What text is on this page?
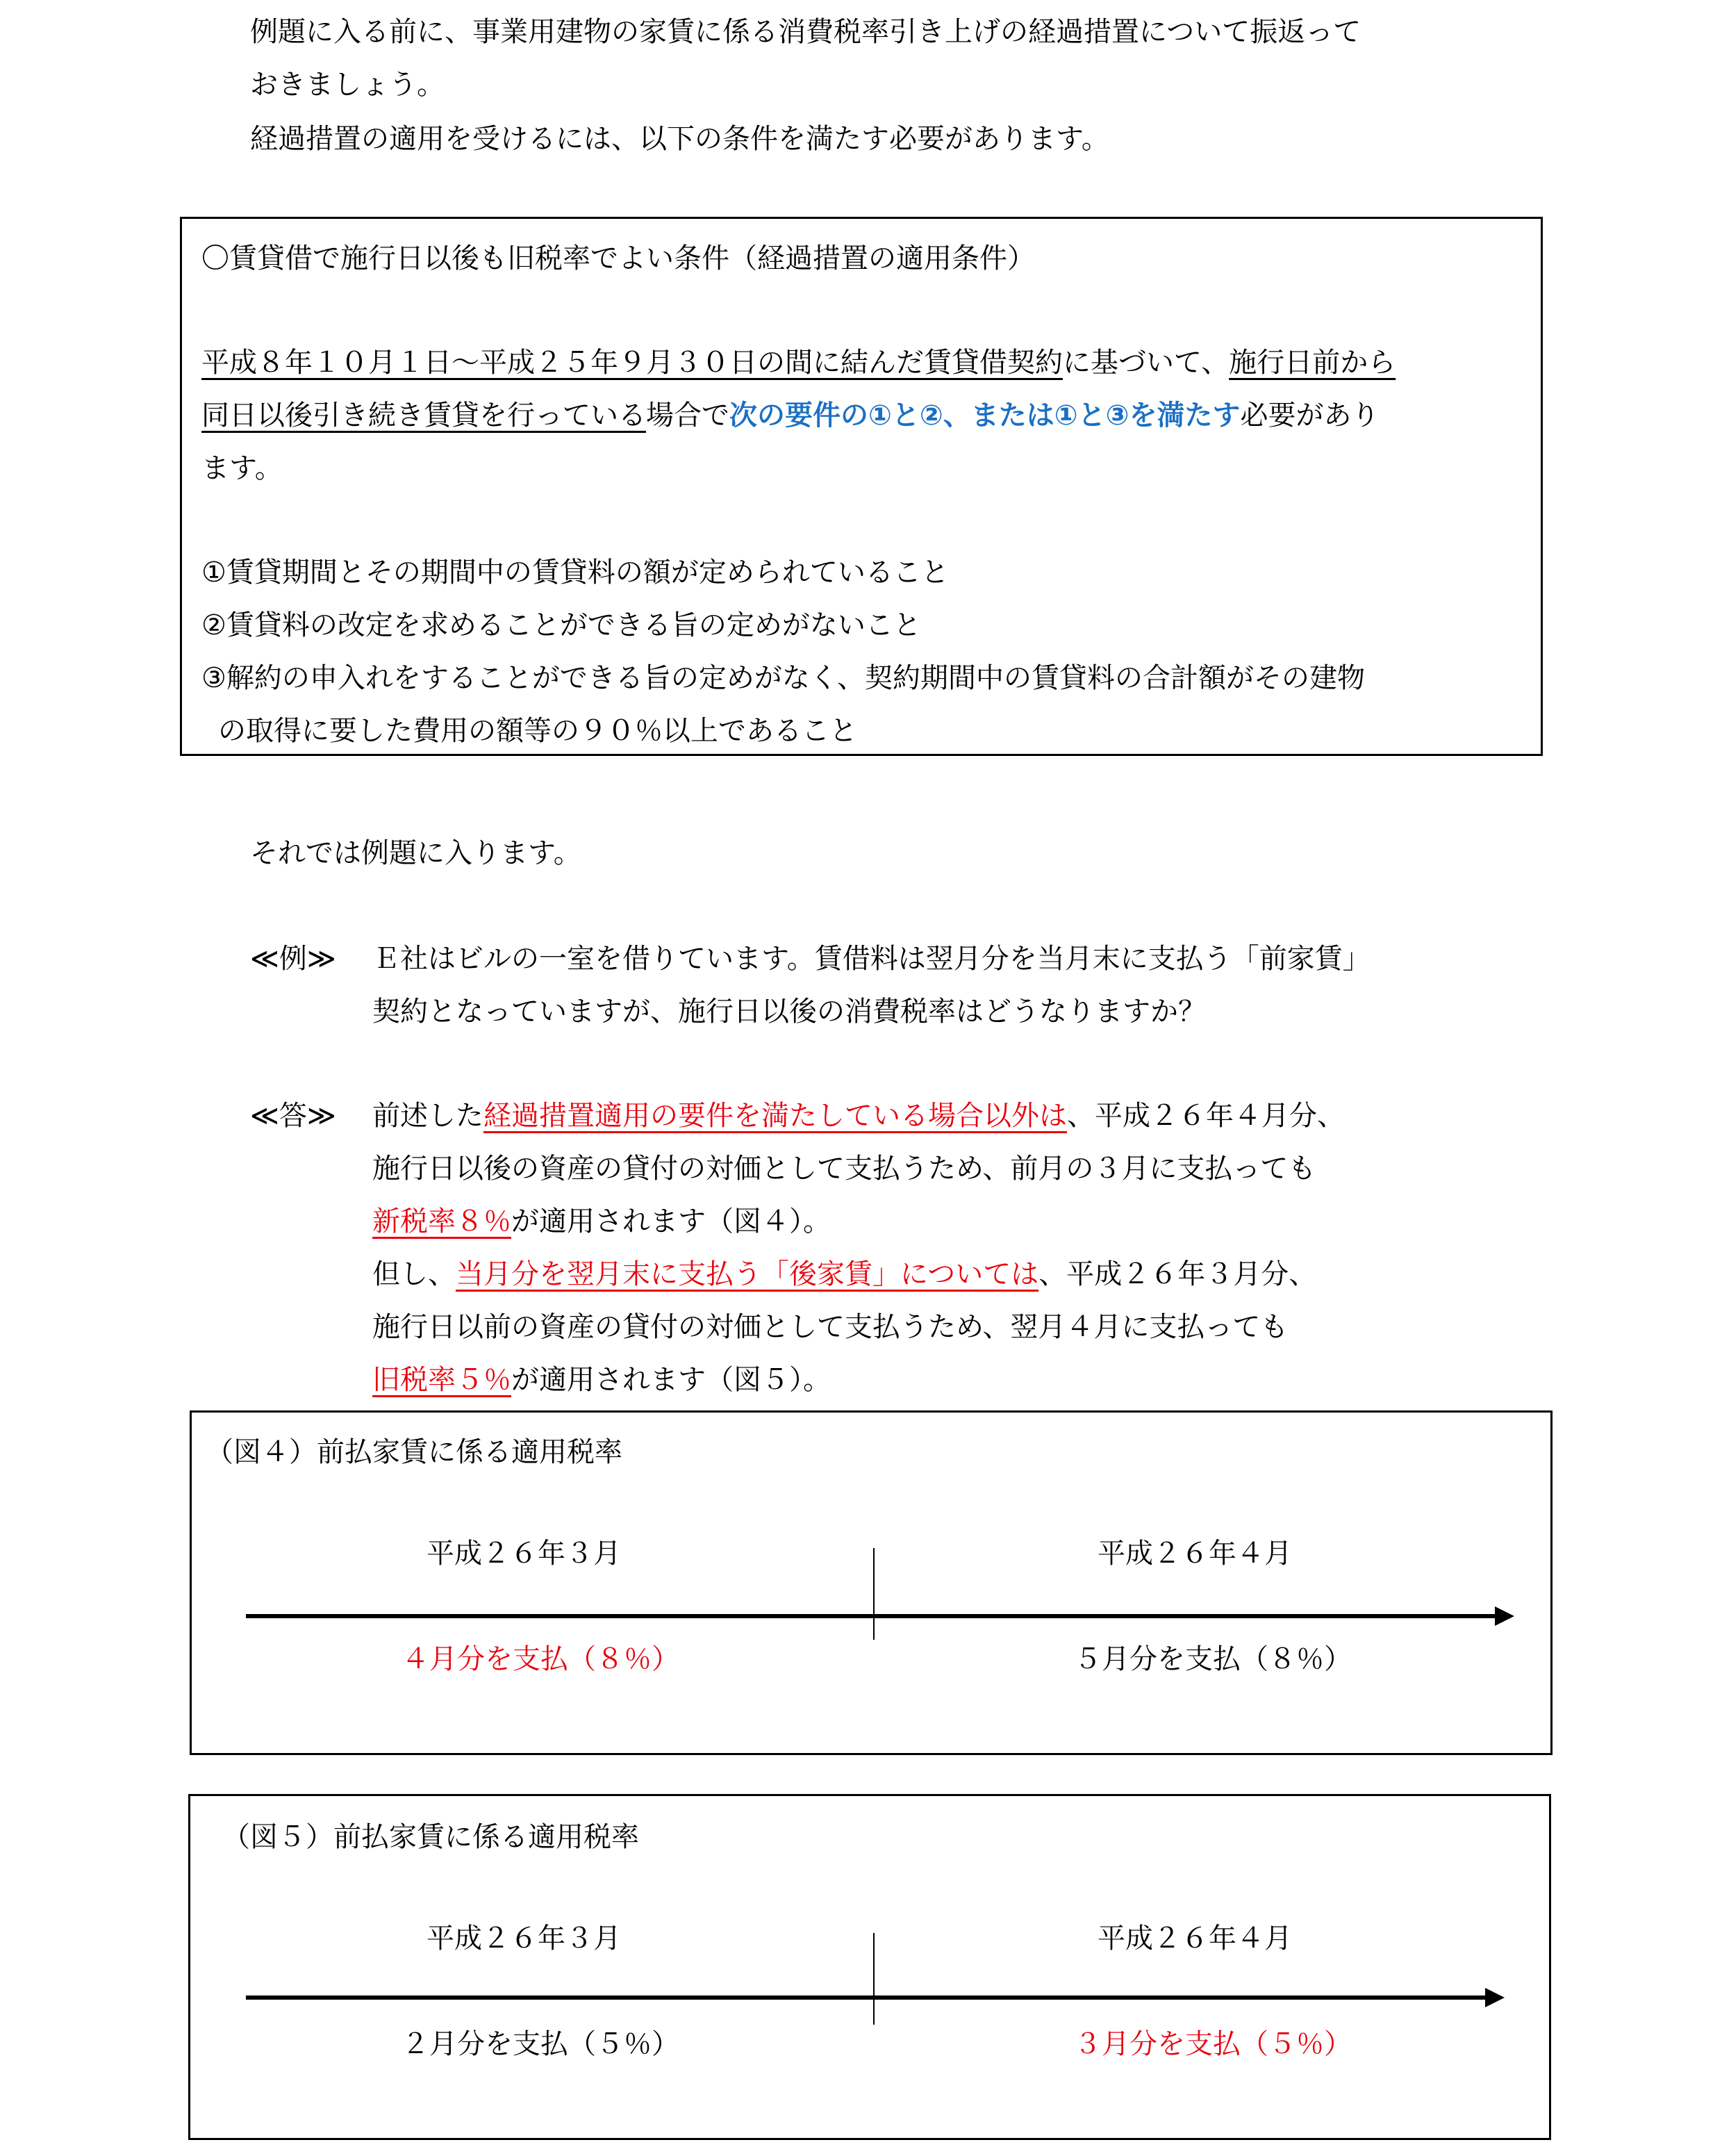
例題に入る前に、事業用建物の家賃に係る消費税率引き上げの経過措置について振返って
おきましょう。
経過措置の適用を受けるには、以下の条件を満たす必要があります。
〇賃貸借で施行日以後も旧税率でよい条件（経過措置の適用条件）
平成８年１０月１日～平成２５年９月３０日の間に結んだ賃貸借契約に基づいて、施行日前から
同日以後引き続き賃貸を行っている場合で次の要件の①と②、または①と③を満たす必要があり
ます。
①賃貸期間とその期間中の賃貸料の額が定められていること
②賃貸料の改定を求めることができる旨の定めがないこと
③解約の申入れをすることができる旨の定めがなく、契約期間中の賃貸料の合計額がその建物
の取得に要した費用の額等の９０％以上であること
それでは例題に入ります。
≪例≫ Ｅ社はビルの一室を借りています。賃借料は翌月分を当月末に支払う「前家賃」
契約となっていますが、施行日以後の消費税率はどうなりますか？
≪答≫ 前述した経過措置適用の要件を満たしている場合以外は、平成２６年４月分、
施行日以後の資産の貸付の対価として支払うため、前月の３月に支払っても
新税率８％が適用されます（図４）。
但し、当月分を翌月末に支払う「後家賃」については、平成２６年３月分、
施行日以前の資産の貸付の対価として支払うため、翌月４月に支払っても
旧税率５％が適用されます（図５）。
（図４）前払家賃に係る適用税率
平成２６年３月	平成２６年４月
４月分を支払（８％）	５月分を支払（８％）
（図５）前払家賃に係る適用税率
平成２６年３月	平成２６年４月
２月分を支払（５％）	３月分を支払（５％）
